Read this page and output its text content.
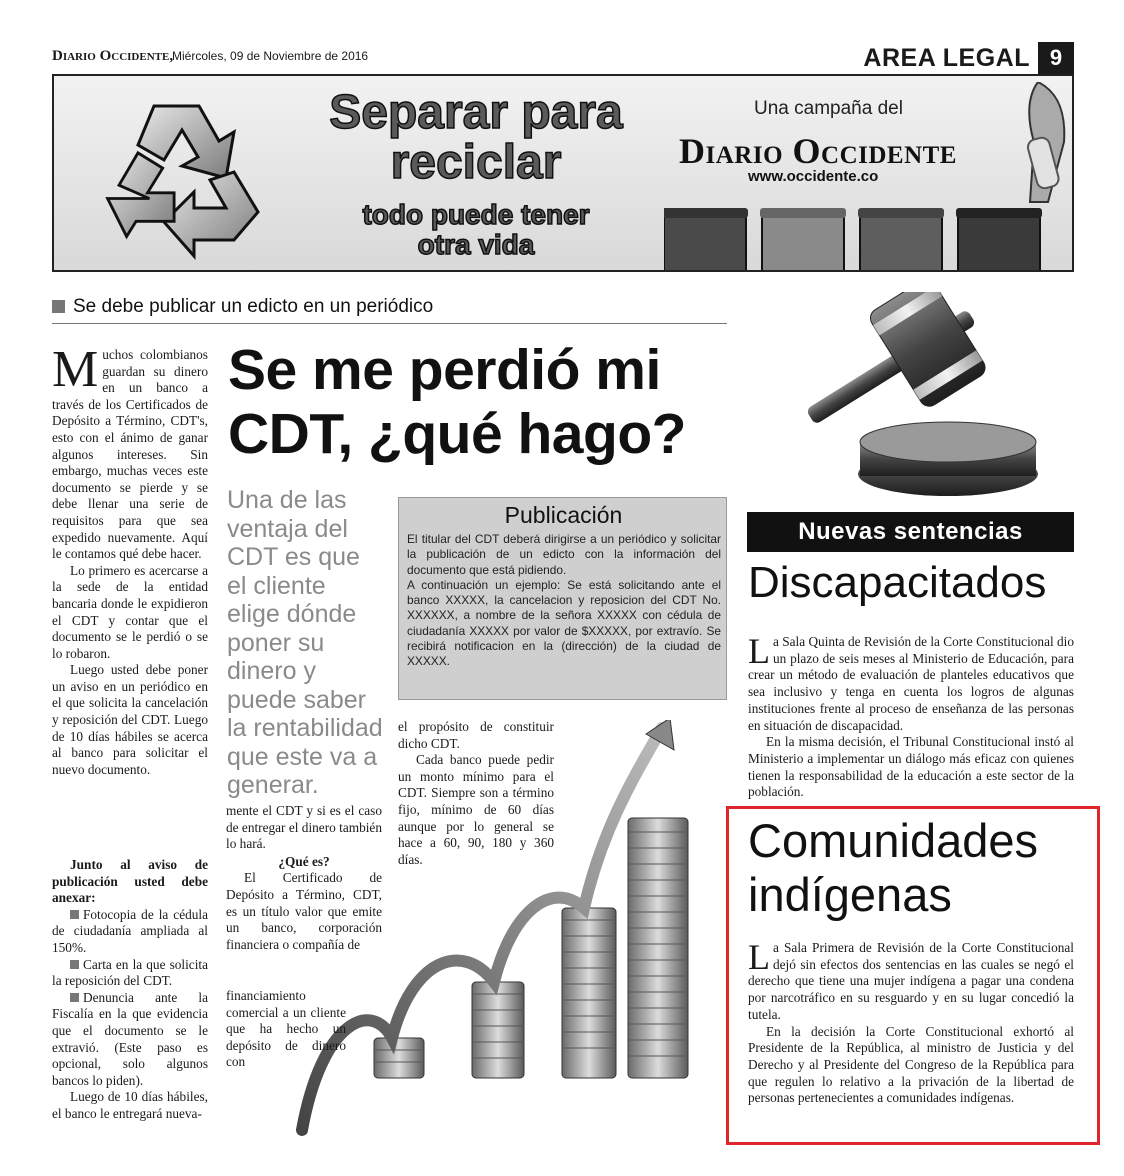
Diario Occidente,
Miércoles, 09 de Noviembre de 2016	AREA LEGAL 9
Separar para
reciclar
todo puede tener
otra vida
Una campaña del
Diario Occidente
www.occidente.co
Se debe publicar un edicto en un periódico

Muchos colombianos guardan su dinero en un banco a través de los Certificados de Depósito a Término, CDT's, esto con el ánimo de ganar algunos intereses. Sin embargo, muchas veces este documento se pierde y se debe llenar una serie de requisitos para que sea expedido nuevamente. Aquí le contamos qué debe hacer.

Lo primero es acercarse a la sede de la entidad bancaria donde le expidieron el CDT y contar que el documento se le perdió o se lo robaron.

Luego usted debe poner un aviso en un periódico en el que solicita la cancelación y reposición del CDT. Luego de 10 días hábiles se acerca al banco para solicitar el nuevo documento.

Junto al aviso de publicación usted debe anexar:

Fotocopia de la cédula de ciudadanía ampliada al 150%.

Carta en la que solicita la reposición del CDT.

Denuncia ante la Fiscalía en la que evidencia que el documento se le extravió. (Este paso es opcional, solo algunos bancos lo piden).

Luego de 10 días hábiles, el banco le entregará nueva-

Se me perdió mi CDT, ¿qué hago?
Una de las ventaja del CDT es que el cliente elige dónde poner su dinero y puede saber la rentabilidad que este va a generar.
Publicación
El titular del CDT deberá dirigirse a un periódico y solicitar la publicación de un edicto con la información del documento que está pidiendo.
A continuación un ejemplo: Se está solicitando ante el banco XXXXX, la cancelacion y reposicion del CDT No. XXXXXX, a nombre de la señora XXXXX con cédula de ciudadanía XXXXX por valor de $XXXXX, por extravío. Se recibirá notificacion en la (dirección) de la ciudad de XXXXX.

el propósito de constituir dicho CDT.

Cada banco puede pedir un monto mínimo para el CDT. Siempre son a término fijo, mínimo de 60 días aunque por lo general se hace a 60, 90, 180 y 360 días.

mente el CDT y si es el caso de entregar el dinero también lo hará.

¿Qué es?

El Certificado de Depósito a Término, CDT, es un título valor que emite un banco, corporación financiera o compañía de

financiamiento comercial a un cliente que ha hecho un depósito de dinero con

Nuevas sentencias
Discapacitados

La Sala Quinta de Revisión de la Corte Constitucional dio un plazo de seis meses al Ministerio de Educación, para crear un método de evaluación de planteles educativos que sea inclusivo y tenga en cuenta los logros de algunas instituciones frente al proceso de enseñanza de las personas en situación de discapacidad.

En la misma decisión, el Tribunal Constitucional instó al Ministerio a implementar un diálogo más eficaz con quienes tienen la responsabilidad de la educación a este sector de la población.

Comunidades indígenas

La Sala Primera de Revisión de la Corte Constitucional dejó sin efectos dos sentencias en las cuales se negó el derecho que tiene una mujer indígena a pagar una condena por narcotráfico en su resguardo y en su lugar concedió la tutela.

En la decisión la Corte Constitucional exhortó al Presidente de la República, al ministro de Justicia y del Derecho y al Presidente del Congreso de la República para que regulen lo relativo a la privación de la libertad de personas pertenecientes a comunidades indígenas.
